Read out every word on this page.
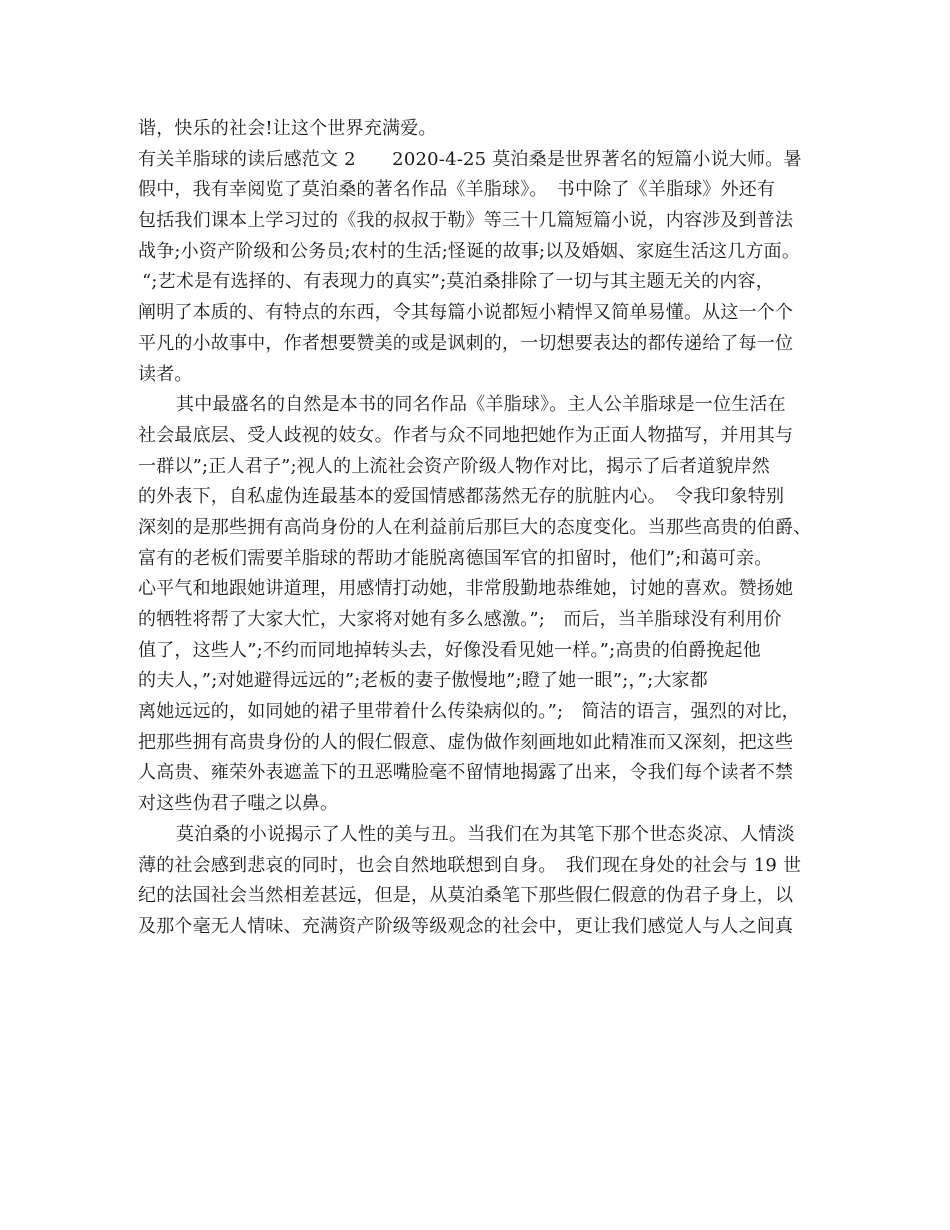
谐，快乐的社会!让这个世界充满爱。
有关羊脂球的读后感范文 2　　2020-4-25 莫泊桑是世界著名的短篇小说大师。暑
假中，我有幸阅览了莫泊桑的著名作品《羊脂球》。　书中除了《羊脂球》外还有
包括我们课本上学习过的《我的叔叔于勒》等三十几篇短篇小说，内容涉及到普法
战争;小资产阶级和公务员;农村的生活;怪诞的故事;以及婚姻、家庭生活这几方面。
“;艺术是有选择的、有表现力的真实”;莫泊桑排除了一切与其主题无关的内容，
阐明了本质的、有特点的东西，令其每篇小说都短小精悍又简单易懂。从这一个个
平凡的小故事中，作者想要赞美的或是讽刺的，一切想要表达的都传递给了每一位
读者。
其中最盛名的自然是本书的同名作品《羊脂球》。主人公羊脂球是一位生活在
社会最底层、受人歧视的妓女。作者与众不同地把她作为正面人物描写，并用其与
一群以”;正人君子”;视人的上流社会资产阶级人物作对比，揭示了后者道貌岸然
的外表下，自私虚伪连最基本的爱国情感都荡然无存的肮脏内心。　令我印象特别
深刻的是那些拥有高尚身份的人在利益前后那巨大的态度变化。当那些高贵的伯爵、
富有的老板们需要羊脂球的帮助才能脱离德国军官的扣留时，他们”;和蔼可亲。
心平气和地跟她讲道理，用感情打动她，非常殷勤地恭维她，讨她的喜欢。赞扬她
的牺牲将帮了大家大忙，大家将对她有多么感激。”;　而后，当羊脂球没有利用价
值了，这些人”;不约而同地掉转头去，好像没看见她一样。”;高贵的伯爵挽起他
的夫人，”;对她避得远远的”;老板的妻子傲慢地”;瞪了她一眼”;，”;大家都
离她远远的，如同她的裙子里带着什么传染病似的。”;　简洁的语言，强烈的对比，
把那些拥有高贵身份的人的假仁假意、虚伪做作刻画地如此精准而又深刻，把这些
人高贵、雍荣外表遮盖下的丑恶嘴脸毫不留情地揭露了出来，令我们每个读者不禁
对这些伪君子嗤之以鼻。
莫泊桑的小说揭示了人性的美与丑。当我们在为其笔下那个世态炎凉、人情淡
薄的社会感到悲哀的同时，也会自然地联想到自身。　我们现在身处的社会与 19 世
纪的法国社会当然相差甚远，但是，从莫泊桑笔下那些假仁假意的伪君子身上，以
及那个毫无人情味、充满资产阶级等级观念的社会中，更让我们感觉人与人之间真
